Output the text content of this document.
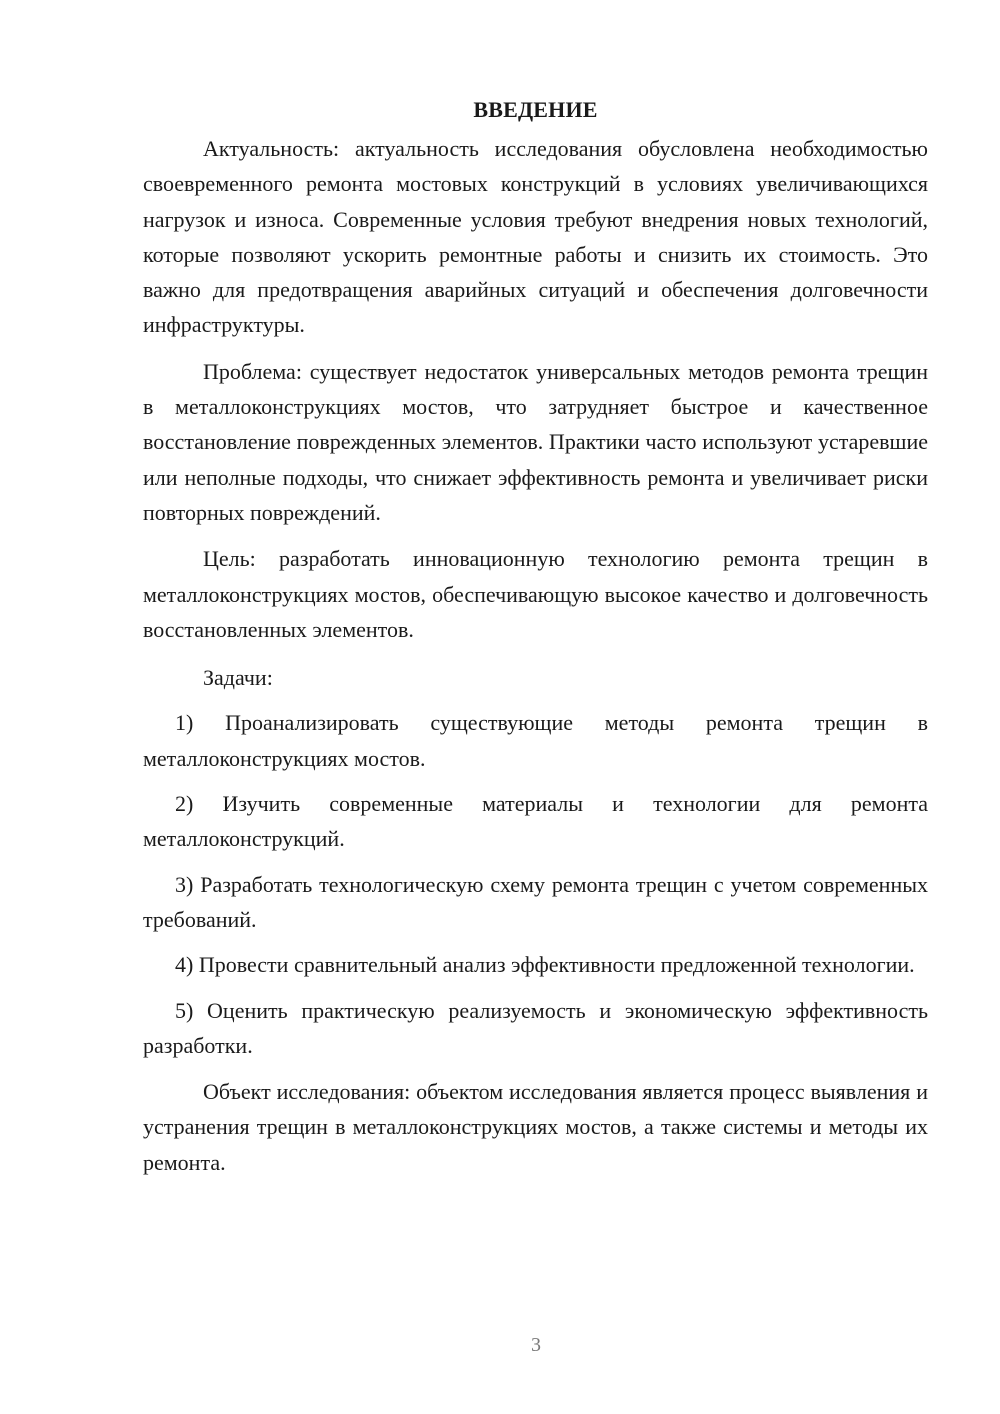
ВВЕДЕНИЕ

Актуальность: актуальность исследования обусловлена необходимостью своевременного ремонта мостовых конструкций в условиях увеличивающихся нагрузок и износа. Современные условия требуют внедрения новых технологий, которые позволяют ускорить ремонтные работы и снизить их стоимость. Это важно для предотвращения аварийных ситуаций и обеспечения долговечности инфраструктуры.

Проблема: существует недостаток универсальных методов ремонта трещин в металлоконструкциях мостов, что затрудняет быстрое и качественное восстановление поврежденных элементов. Практики часто используют устаревшие или неполные подходы, что снижает эффективность ремонта и увеличивает риски повторных повреждений.

Цель: разработать инновационную технологию ремонта трещин в металлоконструкциях мостов, обеспечивающую высокое качество и долговечность восстановленных элементов.

Задачи:

1) Проанализировать существующие методы ремонта трещин в металлоконструкциях мостов.

2) Изучить современные материалы и технологии для ремонта металлоконструкций.

3) Разработать технологическую схему ремонта трещин с учетом современных требований.

4) Провести сравнительный анализ эффективности предложенной технологии.

5) Оценить практическую реализуемость и экономическую эффективность разработки.

Объект исследования: объектом исследования является процесс выявления и устранения трещин в металлоконструкциях мостов, а также системы и методы их ремонта.

3
